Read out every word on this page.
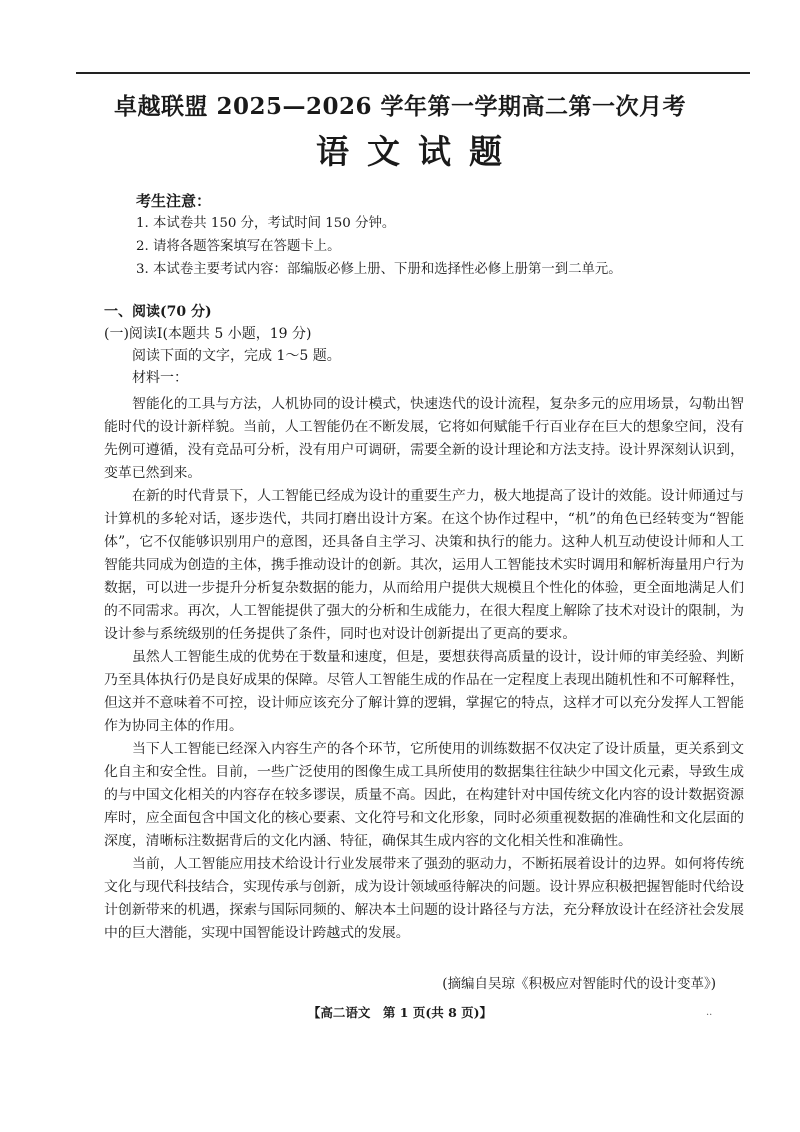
卓越联盟 2025—2026 学年第一学期高二第一次月考
语文试题
考生注意：
1. 本试卷共 150 分，考试时间 150 分钟。
2. 请将各题答案填写在答题卡上。
3. 本试卷主要考试内容：部编版必修上册、下册和选择性必修上册第一到二单元。
一、阅读(70 分)
(一)阅读Ⅰ(本题共 5 小题，19 分)
阅读下面的文字，完成 1～5 题。
材料一：

智能化的工具与方法，人机协同的设计模式，快速迭代的设计流程，复杂多元的应用场景，勾勒出智能时代的设计新样貌。当前，人工智能仍在不断发展，它将如何赋能千行百业存在巨大的想象空间，没有先例可遵循，没有竞品可分析，没有用户可调研，需要全新的设计理论和方法支持。设计界深刻认识到，变革已然到来。

在新的时代背景下，人工智能已经成为设计的重要生产力，极大地提高了设计的效能。设计师通过与计算机的多轮对话，逐步迭代，共同打磨出设计方案。在这个协作过程中，“机”的角色已经转变为“智能体”，它不仅能够识别用户的意图，还具备自主学习、决策和执行的能力。这种人机互动使设计师和人工智能共同成为创造的主体，携手推动设计的创新。其次，运用人工智能技术实时调用和解析海量用户行为数据，可以进一步提升分析复杂数据的能力，从而给用户提供大规模且个性化的体验，更全面地满足人们的不同需求。再次，人工智能提供了强大的分析和生成能力，在很大程度上解除了技术对设计的限制，为设计参与系统级别的任务提供了条件，同时也对设计创新提出了更高的要求。

虽然人工智能生成的优势在于数量和速度，但是，要想获得高质量的设计，设计师的审美经验、判断乃至具体执行仍是良好成果的保障。尽管人工智能生成的作品在一定程度上表现出随机性和不可解释性，但这并不意味着不可控，设计师应该充分了解计算的逻辑，掌握它的特点，这样才可以充分发挥人工智能作为协同主体的作用。

当下人工智能已经深入内容生产的各个环节，它所使用的训练数据不仅决定了设计质量，更关系到文化自主和安全性。目前，一些广泛使用的图像生成工具所使用的数据集往往缺少中国文化元素，导致生成的与中国文化相关的内容存在较多谬误，质量不高。因此，在构建针对中国传统文化内容的设计数据资源库时，应全面包含中国文化的核心要素、文化符号和文化形象，同时必须重视数据的准确性和文化层面的深度，清晰标注数据背后的文化内涵、特征，确保其生成内容的文化相关性和准确性。

当前，人工智能应用技术给设计行业发展带来了强劲的驱动力，不断拓展着设计的边界。如何将传统文化与现代科技结合，实现传承与创新，成为设计领域亟待解决的问题。设计界应积极把握智能时代给设计创新带来的机遇，探索与国际同频的、解决本土问题的设计路径与方法，充分释放设计在经济社会发展中的巨大潜能，实现中国智能设计跨越式的发展。

(摘编自吴琼《积极应对智能时代的设计变革》)
【高二语文　第 1 页(共 8 页)】	··
